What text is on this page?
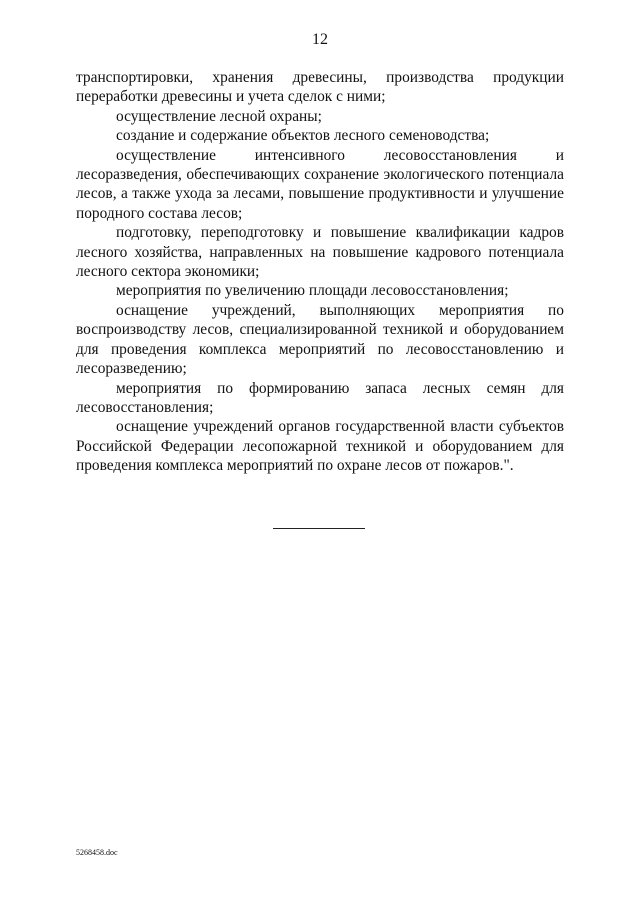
12

транспортировки, хранения древесины, производства продукции переработки древесины и учета сделок с ними;

осуществление лесной охраны;

создание и содержание объектов лесного семеноводства;

осуществление интенсивного лесовосстановления и лесоразведения, обеспечивающих сохранение экологического потенциала лесов, а также ухода за лесами, повышение продуктивности и улучшение породного состава лесов;

подготовку, переподготовку и повышение квалификации кадров лесного хозяйства, направленных на повышение кадрового потенциала лесного сектора экономики;

мероприятия по увеличению площади лесовосстановления;

оснащение учреждений, выполняющих мероприятия по воспроизводству лесов, специализированной техникой и оборудованием для проведения комплекса мероприятий по лесовосстановлению и лесоразведению;

мероприятия по формированию запаса лесных семян для лесовосстановления;

оснащение учреждений органов государственной власти субъектов Российской Федерации лесопожарной техникой и оборудованием для проведения комплекса мероприятий по охране лесов от пожаров.".

5268458.doc
